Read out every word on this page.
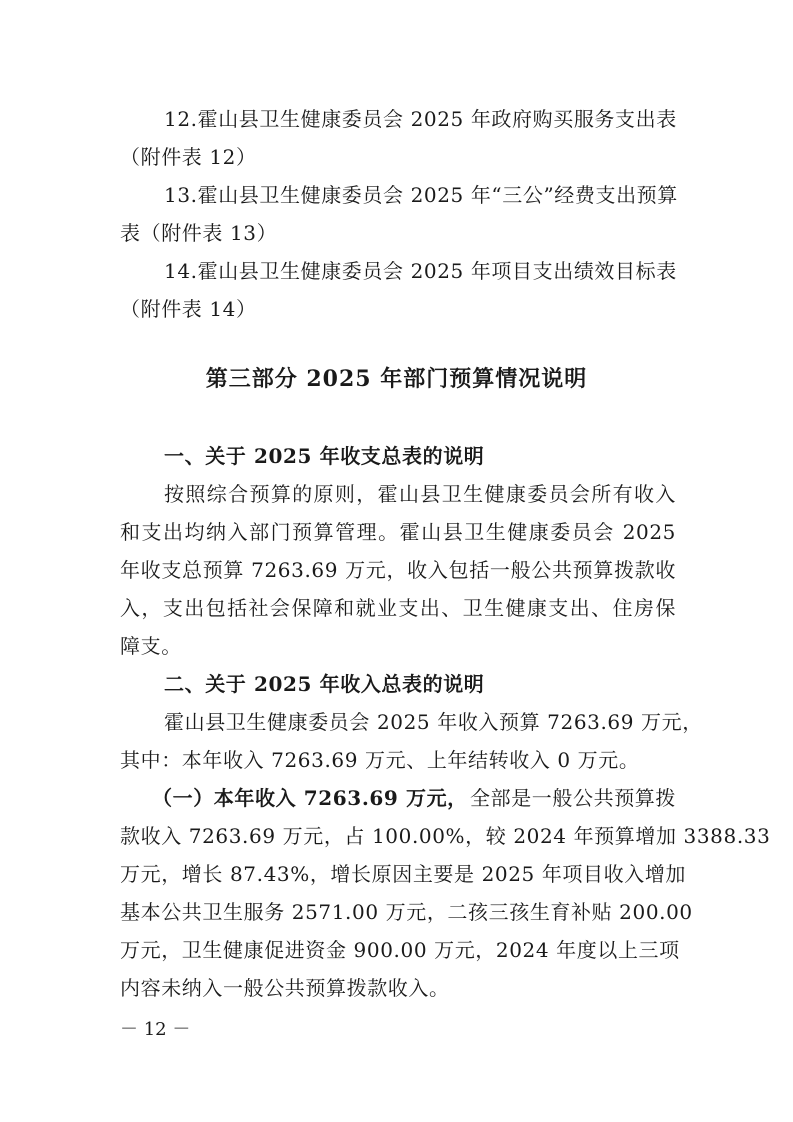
12.霍山县卫生健康委员会 2025 年政府购买服务支出表
（附件表 12）
13.霍山县卫生健康委员会 2025 年“三公”经费支出预算
表（附件表 13）
14.霍山县卫生健康委员会 2025 年项目支出绩效目标表
（附件表 14）
第三部分 2025 年部门预算情况说明
一、关于 2025 年收支总表的说明
按照综合预算的原则，霍山县卫生健康委员会所有收入
和支出均纳入部门预算管理。霍山县卫生健康委员会 2025
年收支总预算 7263.69 万元，收入包括一般公共预算拨款收
入，支出包括社会保障和就业支出、卫生健康支出、住房保
障支。
二、关于 2025 年收入总表的说明
霍山县卫生健康委员会 2025 年收入预算 7263.69 万元，
其中：本年收入 7263.69 万元、上年结转收入 0 万元。
（一）本年收入 7263.69 万元， 全部是一般公共预算拨
款收入 7263.69 万元，占 100.00%，较 2024 年预算增加 3388.33
万元，增长 87.43%，增长原因主要是 2025 年项目收入增加
基本公共卫生服务 2571.00 万元，二孩三孩生育补贴 200.00
万元，卫生健康促进资金 900.00 万元，2024 年度以上三项
内容未纳入一般公共预算拨款收入。
－ 12 －
